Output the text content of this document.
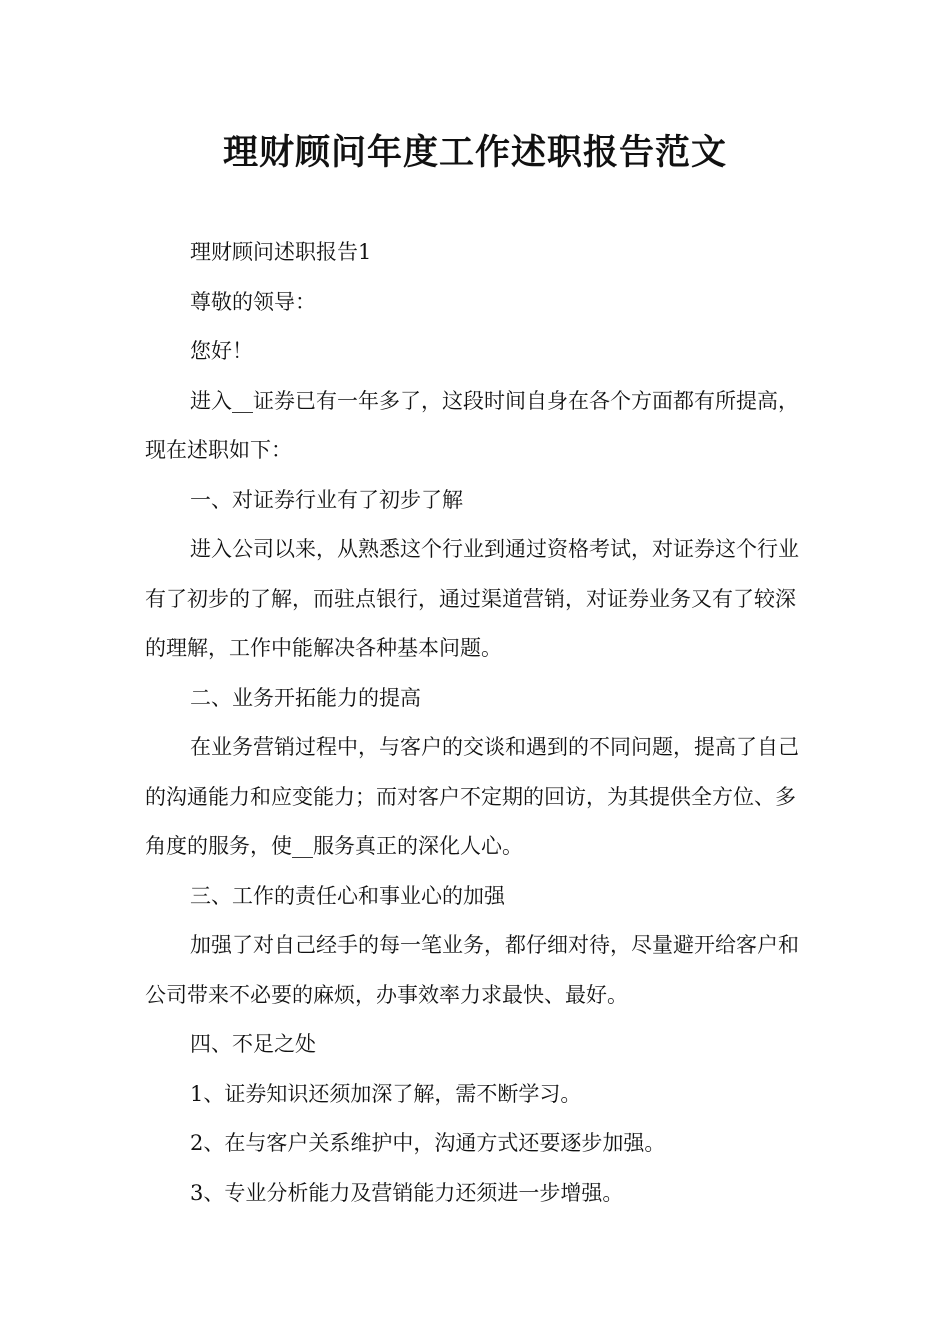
理财顾问年度工作述职报告范文

理财顾问述职报告1

尊敬的领导：

您好！

进入__证券已有一年多了，这段时间自身在各个方面都有所提高，现在述职如下：

一、对证券行业有了初步了解

进入公司以来，从熟悉这个行业到通过资格考试，对证券这个行业有了初步的了解，而驻点银行，通过渠道营销，对证券业务又有了较深的理解，工作中能解决各种基本问题。

二、业务开拓能力的提高

在业务营销过程中，与客户的交谈和遇到的不同问题，提高了自己的沟通能力和应变能力；而对客户不定期的回访，为其提供全方位、多角度的服务，使__服务真正的深化人心。

三、工作的责任心和事业心的加强

加强了对自己经手的每一笔业务，都仔细对待，尽量避开给客户和公司带来不必要的麻烦，办事效率力求最快、最好。

四、不足之处

1、证券知识还须加深了解，需不断学习。

2、在与客户关系维护中，沟通方式还要逐步加强。

3、专业分析能力及营销能力还须进一步增强。
